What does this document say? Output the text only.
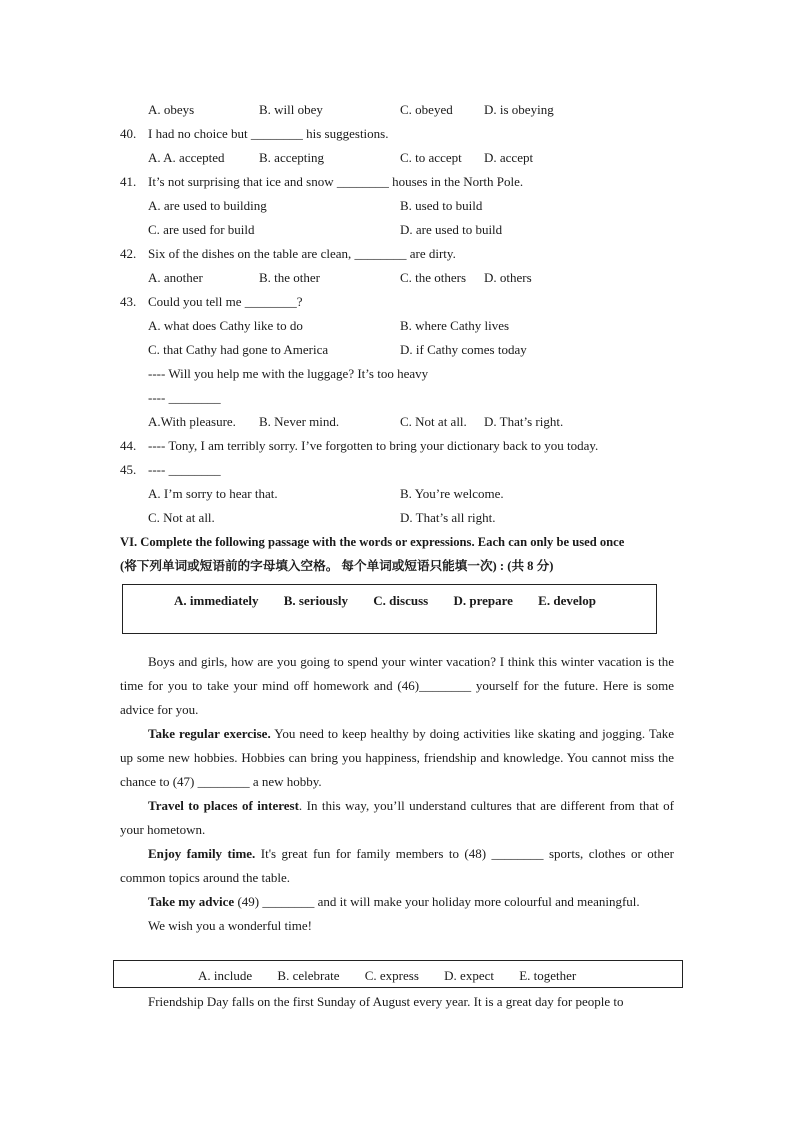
A. obeys	B. will obey	C. obeyed D. is obeying
40. I had no choice but ________ his suggestions.
A. A. accepted	B. accepting	C. to accept D. accept
41. It’s not surprising that ice and snow ________ houses in the North Pole.
A. are used to building	B. used to build
C. are used for build	D. are used to build
42. Six of the dishes on the table are clean, ________ are dirty.
A. another	B. the other	C. the others D. others
43. Could you tell me ________?
A. what does Cathy like to do	B. where Cathy lives
C. that Cathy had gone to America	D. if Cathy comes today
---- Will you help me with the luggage? It’s too heavy
---- ________
A.With pleasure. B. Never mind.	C. Not at all. D. That’s right.
44. ---- Tony, I am terribly sorry. I’ve forgotten to bring your dictionary back to you today.
45. ---- ________
A. I’m sorry to hear that.	B. You’re welcome.
C. Not at all.	D. That’s all right.
VI. Complete the following passage with the words or expressions. Each can only be used once
(将下列单词或短语前的字母填入空格。 每个单词或短语只能填一次) : (共 8 分)
A. immediately B. seriously C. discuss D. prepare E. develop

Boys and girls, how are you going to spend your winter vacation? I think this winter vacation is the time for you to take your mind off homework and (46)________ yourself for the future. Here is some advice for you.

Take regular exercise. You need to keep healthy by doing activities like skating and jogging. Take up some new hobbies. Hobbies can bring you happiness, friendship and knowledge. You cannot miss the chance to (47) ________ a new hobby.

Travel to places of interest. In this way, you’ll understand cultures that are different from that of your hometown.

Enjoy family time. It's great fun for family members to (48) ________ sports, clothes or other common topics around the table.

Take my advice (49) ________ and it will make your holiday more colourful and meaningful.

We wish you a wonderful time!

A. include B. celebrate C. express D. expect E. together

Friendship Day falls on the first Sunday of August every year. It is a great day for people to
